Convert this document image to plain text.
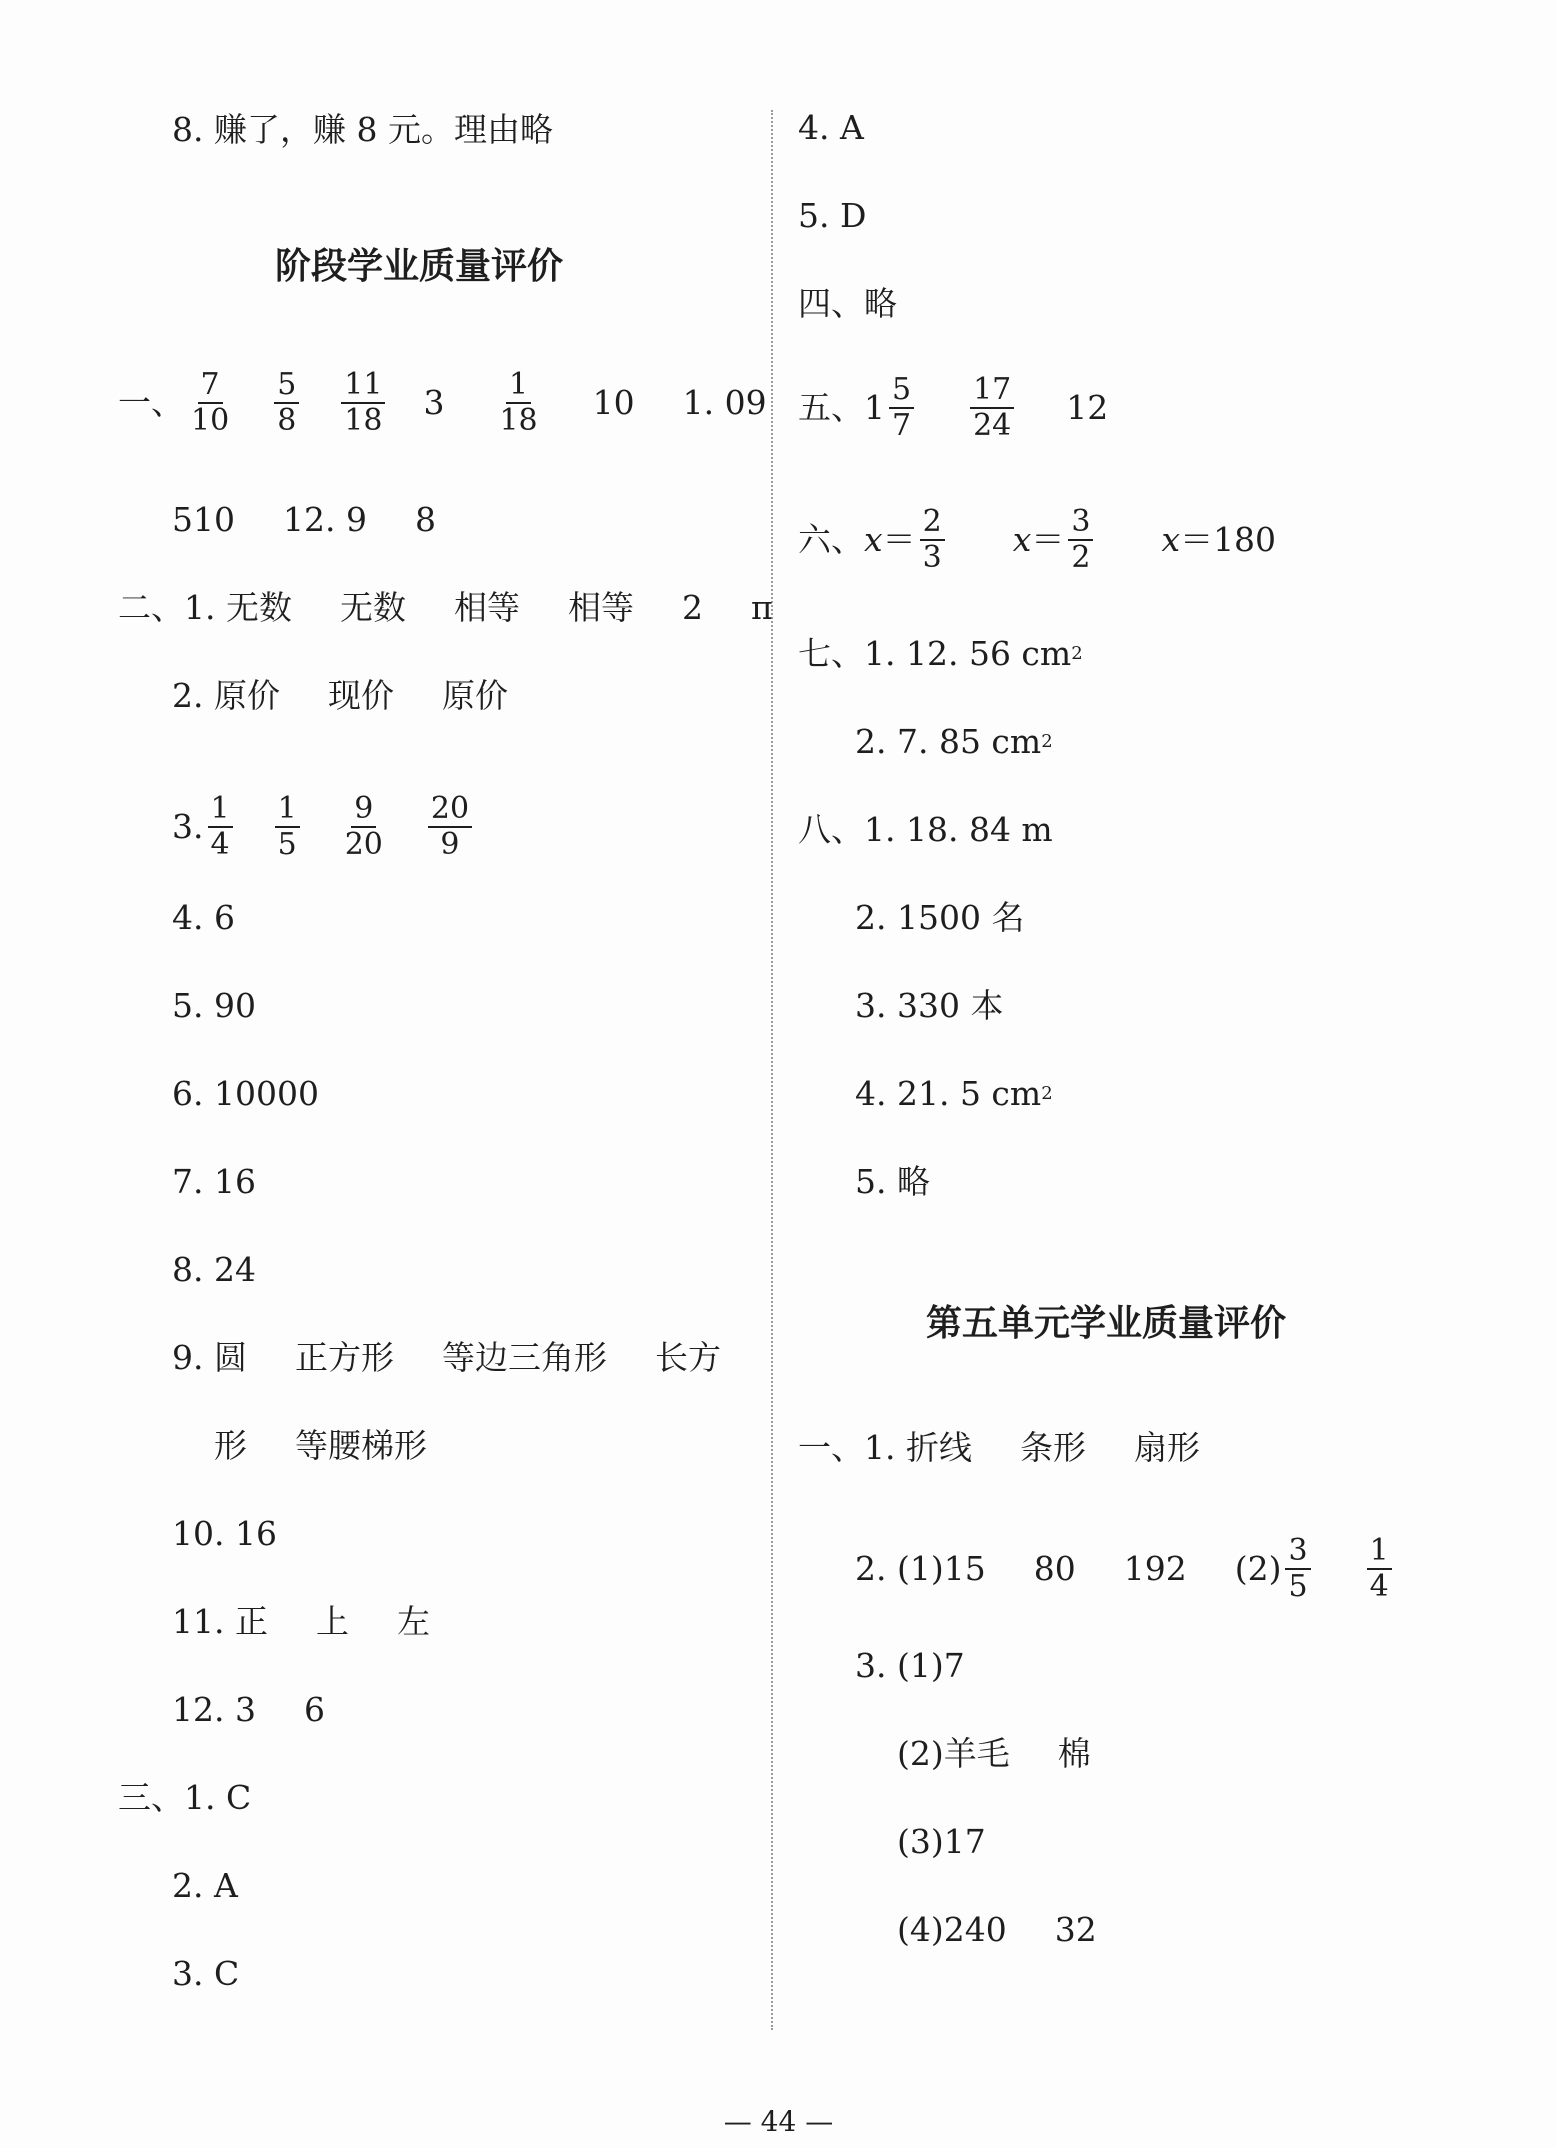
8. 赚了，赚 8 元。理由略
阶段学业质量评价
一、 $\frac{7}{10} \frac{5}{8} \frac{11}{18} 3 \frac{1}{18} 10$ 1. 09
510 12. 9 8
二、1. 无数 无数 相等 相等 2 π
2. 原价 现价 原价
3. $\frac{1}{4} \frac{1}{5} \frac{9}{20} \frac{20}{9}$
4. 6
5. 90
6. 10000
7. 16
8. 24
9. 圆 正方形 等边三角形 长方
形 等腰梯形
10. 16
11. 正 上 左
12. 3 6
三、1. C
2. A
3. C
4. A
5. D
四、略
五、$1 \frac{5}{7} \frac{17}{24} 12$
六、 $x = \frac{2}{3}$ $x = \frac{3}{2}$ x ＝ 180
七、1. 12. 56 cm 2
2. 7. 85 cm 2
八、1. 18. 84 m
2. 1500 名
3. 330 本
4. 21. 5 cm 2
5. 略
第五单元学业质量评价
一、1. 折线 条形 扇形
2. (1)15 80 192 $(2) \frac{3}{5} \frac{1}{4}$
3. (1)7
(2)羊毛 棉
(3)17
(4)240 32
— 44 —
